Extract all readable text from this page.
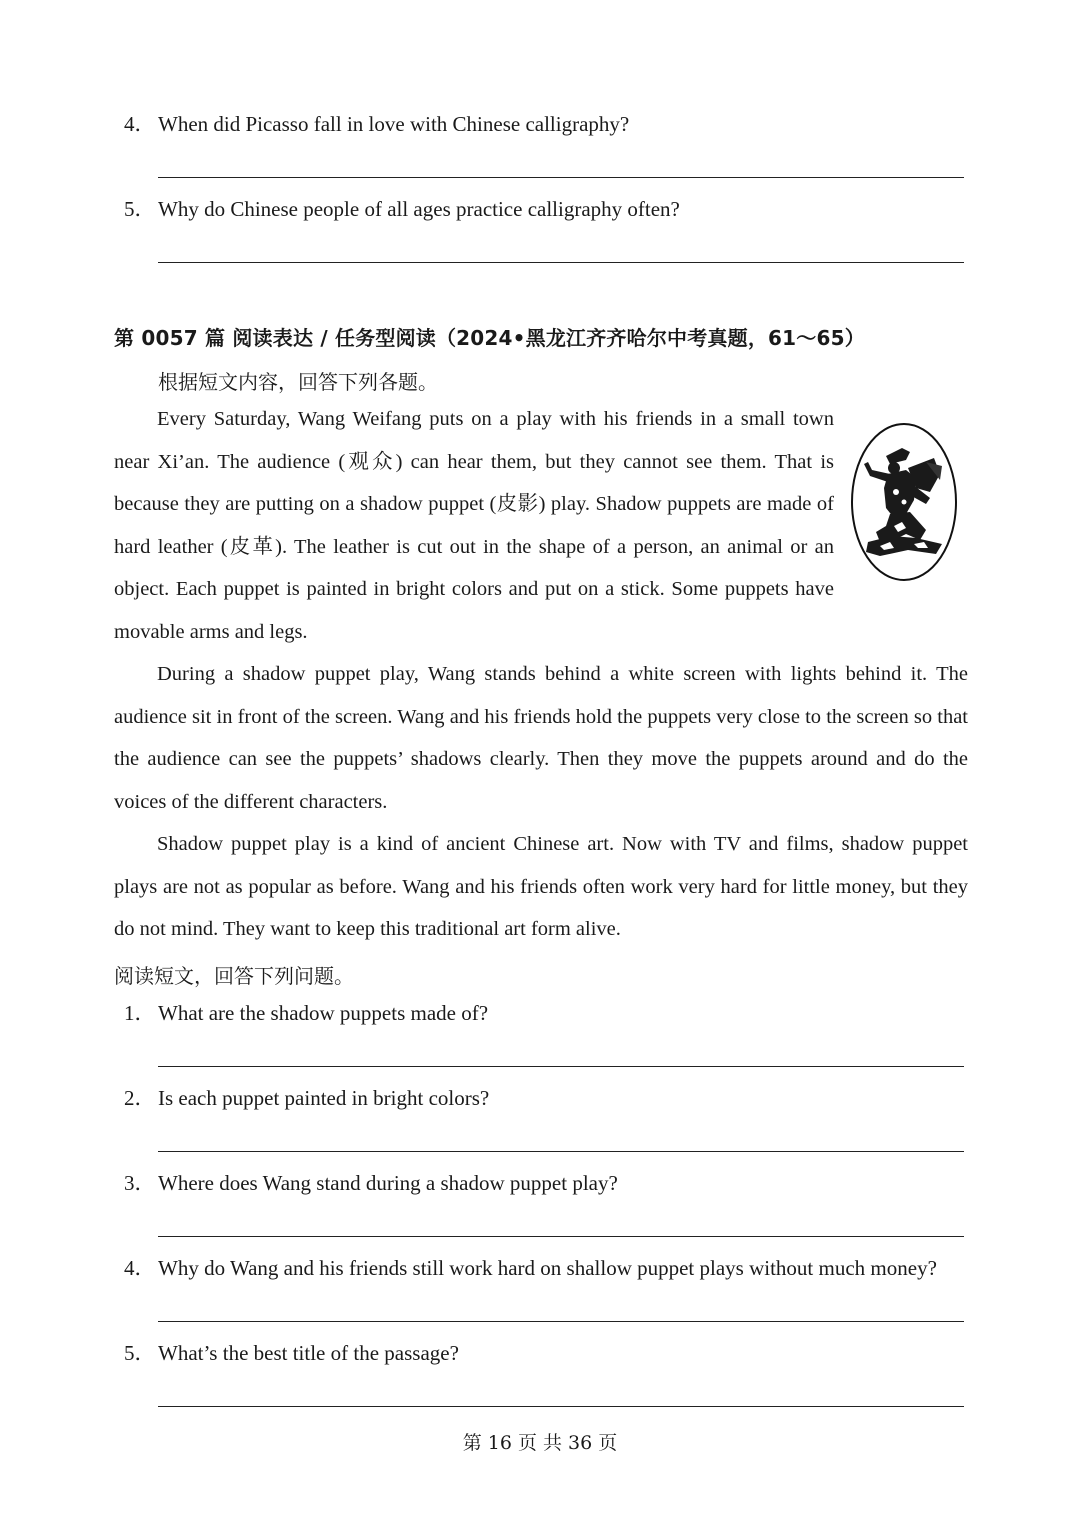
4． When did Picasso fall in love with Chinese calligraphy?
5． Why do Chinese people of all ages practice calligraphy often?
第 0057 篇 阅读表达 / 任务型阅读（2024•黑龙江齐齐哈尔中考真题，61～65）
根据短文内容，回答下列各题。

Every Saturday, Wang Weifang puts on a play with his friends in a small town near Xi’an. The audience (观众) can hear them, but they cannot see them. That is because they are putting on a shadow puppet (皮影) play. Shadow puppets are made of hard leather (皮革). The leather is cut out in the shape of a person, an animal or an object. Each puppet is painted in bright colors and put on a stick. Some puppets have movable arms and legs.

During a shadow puppet play, Wang stands behind a white screen with lights behind it. The audience sit in front of the screen. Wang and his friends hold the puppets very close to the screen so that the audience can see the puppets’ shadows clearly. Then they move the puppets around and do the voices of the different characters.

Shadow puppet play is a kind of ancient Chinese art. Now with TV and films, shadow puppet plays are not as popular as before. Wang and his friends often work very hard for little money, but they do not mind. They want to keep this traditional art form alive.

阅读短文，回答下列问题。
1． What are the shadow puppets made of?
2． Is each puppet painted in bright colors?
3． Where does Wang stand during a shadow puppet play?
4． Why do Wang and his friends still work hard on shallow puppet plays without much money?
5． What’s the best title of the passage?
第 16 页 共 36 页
